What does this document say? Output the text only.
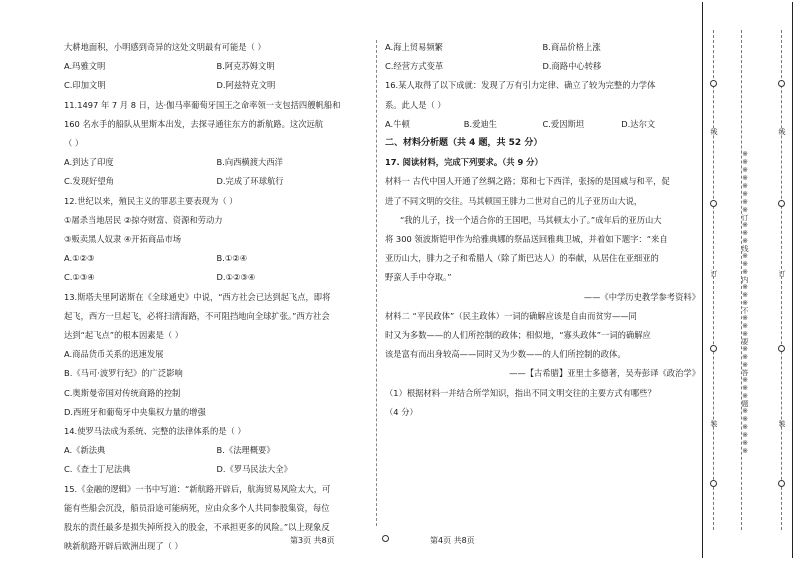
大耕地面积，小明感到奇异的这处文明最有可能是（ ）

A.玛雅文明	B.阿克苏姆文明
C.印加文明	D.阿兹特克文明

11.1497 年 7 月 8 日，达·伽马率葡萄牙国王之命率领一支包括四艘帆船和

160 名水手的船队从里斯本出发，去探寻通往东方的新航路。这次远航

（ ）

A.到达了印度	B.向西横渡大西洋
C.发现好望角	D.完成了环球航行

12.世纪以来，殖民主义的罪恶主要表现为（ ）

①屠杀当地居民 ②掠夺财富、资源和劳动力

③贩卖黑人奴隶 ④开拓商品市场

A.①②③	B.①②④
C.①③④	D.①②③④

13.斯塔夫里阿诺斯在《全球通史》中说，“西方社会已达到起飞点，即将

起飞，西方一旦起飞，必将扫清海路，不可阻挡地向全球扩张。”西方社会

达到“起飞点”的根本因素是（ ）

A.商品货币关系的迅速发展

B.《马可·波罗行纪》的广泛影响

C.奥斯曼帝国对传统商路的控制

D.西班牙和葡萄牙中央集权力量的增强

14.使罗马法成为系统、完整的法律体系的是（ ）

A.《新法典	B.《法理概要》
C.《查士丁尼法典	D.《罗马民法大全》

15.《金融的逻辑》一书中写道：“新航路开辟后，航海贸易风险太大，可

能有些船会沉没，船员沿途可能病死，应由众多个人共同参股集资，每位

股东的责任最多是损失掉所投入的股金，不承担更多的风险。”以上现象反

映新航路开辟后欧洲出现了（ ）

A.海上贸易频繁	B.商品价格上涨
C.经营方式变革	D.商路中心转移

16.某人取得了以下成就：发现了万有引力定律、确立了较为完整的力学体

系。此人是（ ）

A.牛顿	B.爱迪生	C.爱因斯坦	D.达尔文

二、材料分析题（共 4 题，共 52 分）

17. 阅读材料，完成下列要求。（共 9 分）

材料一 古代中国人开通了丝绸之路；郑和七下西洋，张扬的是国威与和平，促

进了不同文明的交往。马其顿国王腓力二世对自己的儿子亚历山大说，

“我的儿子，找一个适合你的王国吧，马其顿太小了。”成年后的亚历山大

将 300 领波斯铠甲作为给雅典娜的祭品送回雅典卫城，并着如下题字：“来自

亚历山大，腓力之子和希腊人（除了斯巴达人）的奉献，从居住在亚细亚的

野蛮人手中夺取。”

——《中学历史教学参考资料》

材料二 “平民政体”（民主政体）一词的确解应该是自由而贫穷——同

时又为多数——的人们所控制的政体；相似地，“寡头政体”一词的确解应

该是富有而出身较高——同时又为少数——的人们所控制的政体。

——【古希腊】亚里士多德著，吴寿彭译《政治学》

（1）根据材料一并结合所学知识，指出不同文明交往的主要方式有哪些？

（4 分）

第3页 共8页	第4页 共8页
※※※※※※※※订※※※线※※※内※※※不※※※要※※※答※※※题※※※※※※
线
订
装
线
订
装
